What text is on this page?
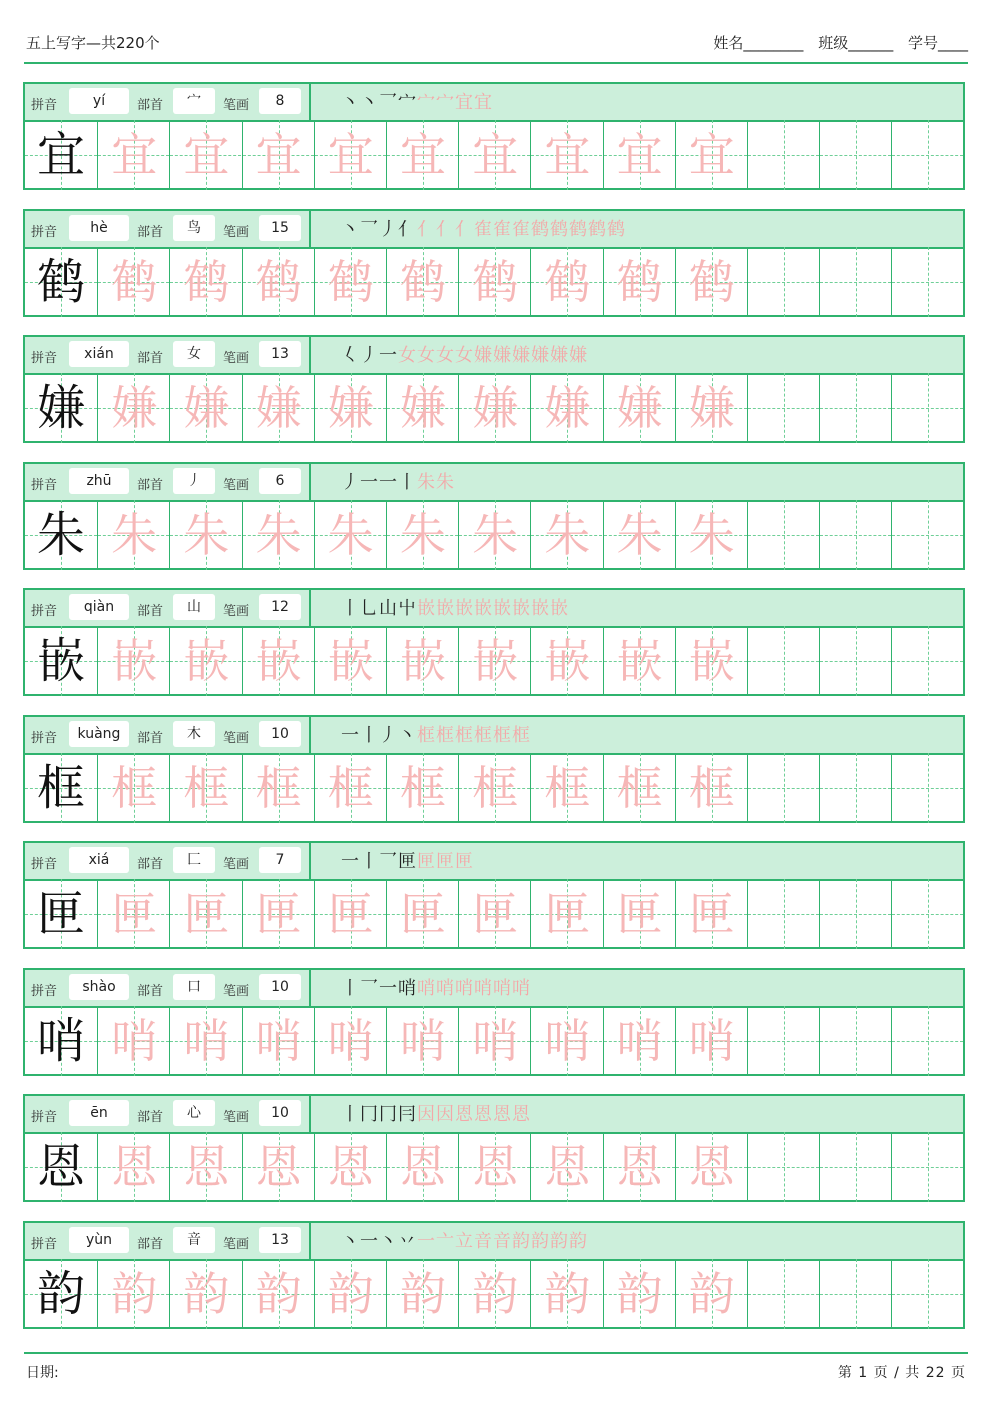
五上写字—共220个	姓名________ 班级______ 学号____
拼音	yí	部首	宀	笔画	8	丶丶乛宀宀宀宜宜
宜 宜 宜 宜 宜 宜 宜 宜 宜 宜
拼音	hè	部首	鸟	笔画	15	丶乛丿亻亻亻亻隺隺隺鹤鹤鹤鹤鹤
鹤 鹤 鹤 鹤 鹤 鹤 鹤 鹤 鹤 鹤
拼音	xián	部首	女	笔画	13	𡿨丿一女女女女嫌嫌嫌嫌嫌嫌
嫌 嫌 嫌 嫌 嫌 嫌 嫌 嫌 嫌 嫌
拼音	zhū	部首	丿	笔画	6	丿一一丨朱朱
朱 朱 朱 朱 朱 朱 朱 朱 朱 朱
拼音	qiàn	部首	山	笔画	12	丨乚山屮嵌嵌嵌嵌嵌嵌嵌嵌
嵌 嵌 嵌 嵌 嵌 嵌 嵌 嵌 嵌 嵌
拼音	kuàng	部首	木	笔画	10	一丨丿丶框框框框框框
框 框 框 框 框 框 框 框 框 框
拼音	xiá	部首	匚	笔画	7	一丨乛匣匣匣匣
匣 匣 匣 匣 匣 匣 匣 匣 匣 匣
拼音	shào	部首	口	笔画	10	丨乛一哨哨哨哨哨哨哨
哨 哨 哨 哨 哨 哨 哨 哨 哨 哨
拼音	ēn	部首	心	笔画	10	丨冂冂冃因因恩恩恩恩
恩 恩 恩 恩 恩 恩 恩 恩 恩 恩
拼音	yùn	部首	音	笔画	13	丶一丶丷一亠立音音韵韵韵韵
韵 韵 韵 韵 韵 韵 韵 韵 韵 韵
日期:	第 1 页 / 共 22 页
